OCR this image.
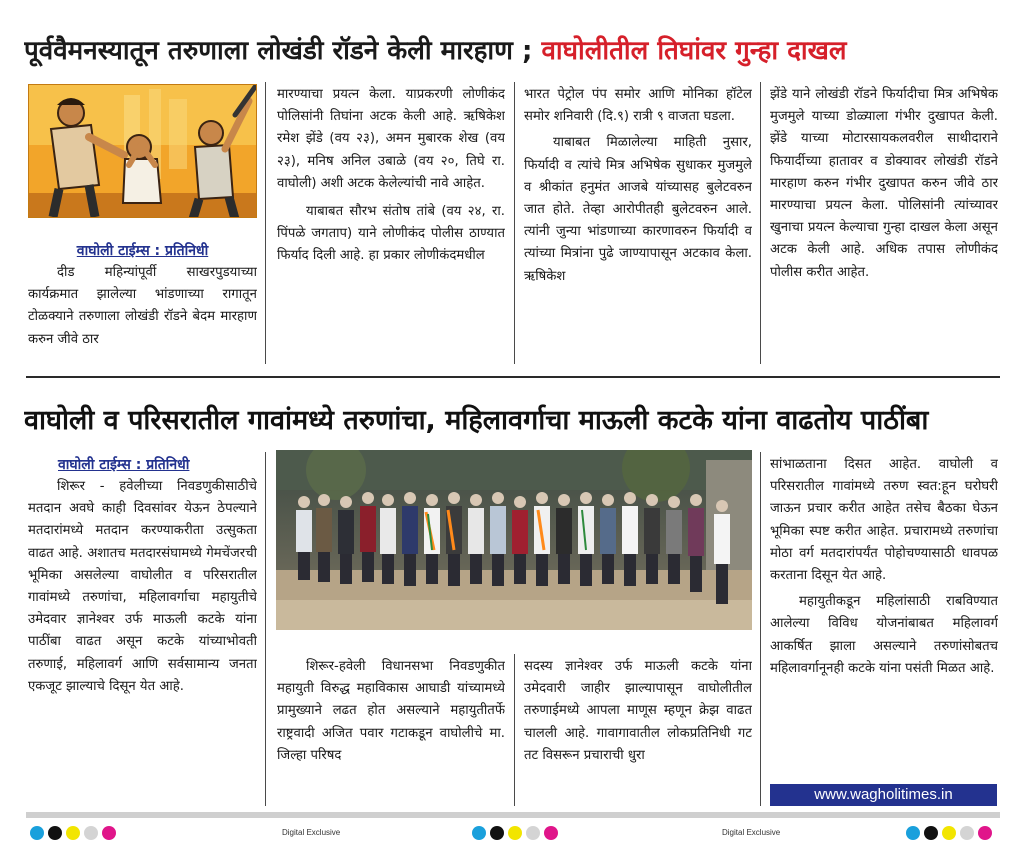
पूर्ववैमनस्यातून तरुणाला लोखंडी रॉडने केली मारहाण ; वाघोलीतील तिघांवर गुन्हा दाखल
वाघोली टाईम्स : प्रतिनिधी

दीड महिन्यांपूर्वी साखरपुडयाच्या कार्यक्रमात झालेल्या भांडणाच्या रागातून टोळक्याने तरुणाला लोखंडी रॉडने बेदम मारहाण करुन जीवे ठार

मारण्याचा प्रयत्न केला. याप्रकरणी लोणीकंद पोलिसांनी तिघांना अटक केली आहे. ऋषिकेश रमेश झेंडे (वय २३), अमन मुबारक शेख (वय २३), मनिष अनिल उबाळे (वय २०, तिघे रा. वाघोली) अशी अटक केलेल्यांची नावे आहेत.

याबाबत सौरभ संतोष तांबे (वय २४, रा. पिंपळे जगताप) याने लोणीकंद पोलीस ठाण्यात फिर्याद दिली आहे. हा प्रकार लोणीकंदमधील

भारत पेट्रोल पंप समोर आणि मोनिका हॉटेल समोर शनिवारी (दि.९) रात्री ९ वाजता घडला.

याबाबत मिळालेल्या माहिती नुसार, फिर्यादी व त्यांचे मित्र अभिषेक सुधाकर मुजमुले व श्रीकांत हनुमंत आजबे यांच्यासह बुलेटवरुन जात होते. तेव्हा आरोपीतही बुलेटवरुन आले. त्यांनी जुन्या भांडणाच्या कारणावरुन फिर्यादी व त्यांच्या मित्रांना पुढे जाण्यापासून अटकाव केला. ऋषिकेश

झेंडे याने लोखंडी रॉडने फिर्यादीचा मित्र अभिषेक मुजमुले याच्या डोळ्याला गंभीर दुखापत केली. झेंडे याच्या मोटारसायकलवरील साथीदाराने फियार्दीच्या हातावर व डोक्यावर लोखंडी रॉडने मारहाण करुन गंभीर दुखापत करुन जीवे ठार मारण्याचा प्रयत्न केला. पोलिसांनी त्यांच्यावर खुनाचा प्रयत्न केल्याचा गुन्हा दाखल केला असून अटक केली आहे. अधिक तपास लोणीकंद पोलीस करीत आहेत.

वाघोली व परिसरातील गावांमध्ये तरुणांचा, महिलावर्गाचा माऊली कटके यांना वाढतोय पाठींबा
वाघोली टाईम्स : प्रतिनिधी

शिरूर - हवेलीच्या निवडणुकीसाठीचे मतदान अवघे काही दिवसांवर येऊन ठेपल्याने मतदारांमध्ये मतदान करण्याकरीता उत्सुकता वाढत आहे. अशातच मतदारसंघामध्ये गेमचेंजरची भूमिका असलेल्या वाघोलीत व परिसरातील गावांमध्ये तरुणांचा, महिलावर्गाचा महायुतीचे उमेदवार ज्ञानेश्वर उर्फ माऊली कटके यांना पाठींबा वाढत असून कटके यांच्याभोवती तरुणाई, महिलावर्ग आणि सर्वसामान्य जनता एकजूट झाल्याचे दिसून येत आहे.

शिरूर-हवेली विधानसभा निवडणुकीत महायुती विरुद्ध महाविकास आघाडी यांच्यामध्ये प्रामुख्याने लढत होत असल्याने महायुतीतर्फे राष्ट्रवादी अजित पवार गटाकडून वाघोलीचे मा. जिल्हा परिषद

सदस्य ज्ञानेश्वर उर्फ माऊली कटके यांना उमेदवारी जाहीर झाल्यापासून वाघोलीतील तरुणाईमध्ये आपला माणूस म्हणून क्रेझ वाढत चालली आहे. गावागावातील लोकप्रतिनिधी गट तट विसरून प्रचाराची धुरा

सांभाळताना दिसत आहेत. वाघोली व परिसरातील गावांमध्ये तरुण स्वत:हून घरोघरी जाऊन प्रचार करीत आहेत तसेच बैठका घेऊन भूमिका स्पष्ट करीत आहेत. प्रचारामध्ये तरुणांचा मोठा वर्ग मतदारांपर्यंत पोहोचण्यासाठी धावपळ करताना दिसून येत आहे.

महायुतीकडून महिलांसाठी राबविण्यात आलेल्या विविध योजनांबाबत महिलावर्ग आकर्षित झाला असल्याने तरुणांसोबतच महिलावर्गानूनही कटके यांना पसंती मिळत आहे.

www.wagholitimes.in
Digital Exclusive	Digital Exclusive
